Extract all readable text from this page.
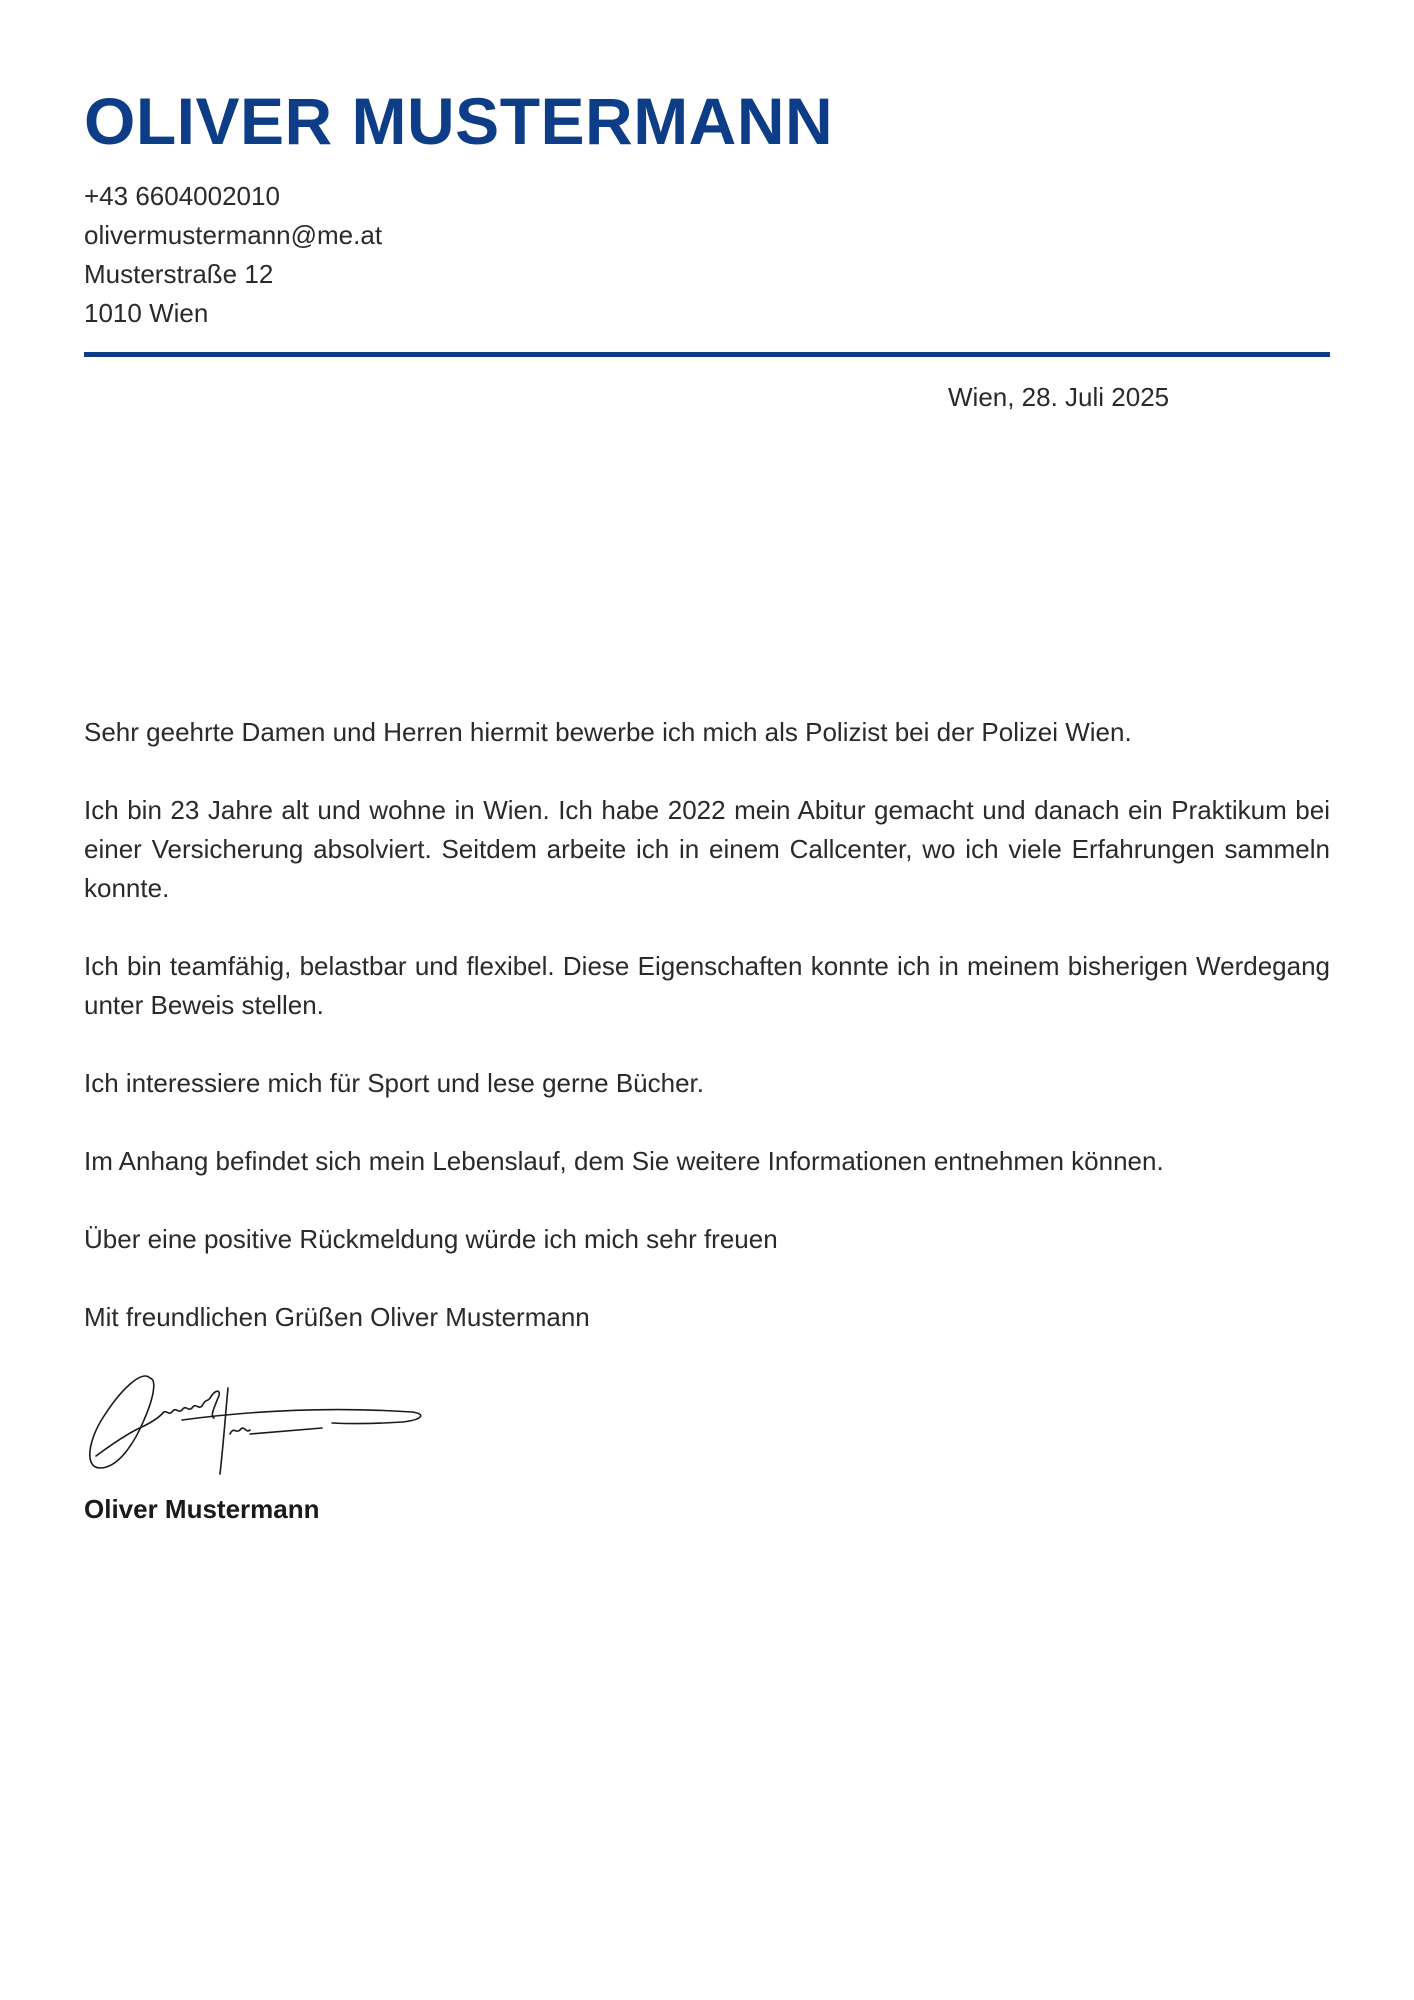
OLIVER MUSTERMANN
+43 6604002010
olivermustermann@me.at
Musterstraße 12
1010 Wien
Wien, 28. Juli 2025

Sehr geehrte Damen und Herren hiermit bewerbe ich mich als Polizist bei der Polizei Wien.

Ich bin 23 Jahre alt und wohne in Wien. Ich habe 2022 mein Abitur gemacht und danach ein Praktikum bei einer Versicherung absolviert. Seitdem arbeite ich in einem Callcenter, wo ich viele Erfahrungen sammeln konnte.

Ich bin teamfähig, belastbar und flexibel. Diese Eigenschaften konnte ich in meinem bisherigen Werdegang unter Beweis stellen.

Ich interessiere mich für Sport und lese gerne Bücher.

Im Anhang befindet sich mein Lebenslauf, dem Sie weitere Informationen entnehmen können.

Über eine positive Rückmeldung würde ich mich sehr freuen

Mit freundlichen Grüßen Oliver Mustermann

Oliver Mustermann
